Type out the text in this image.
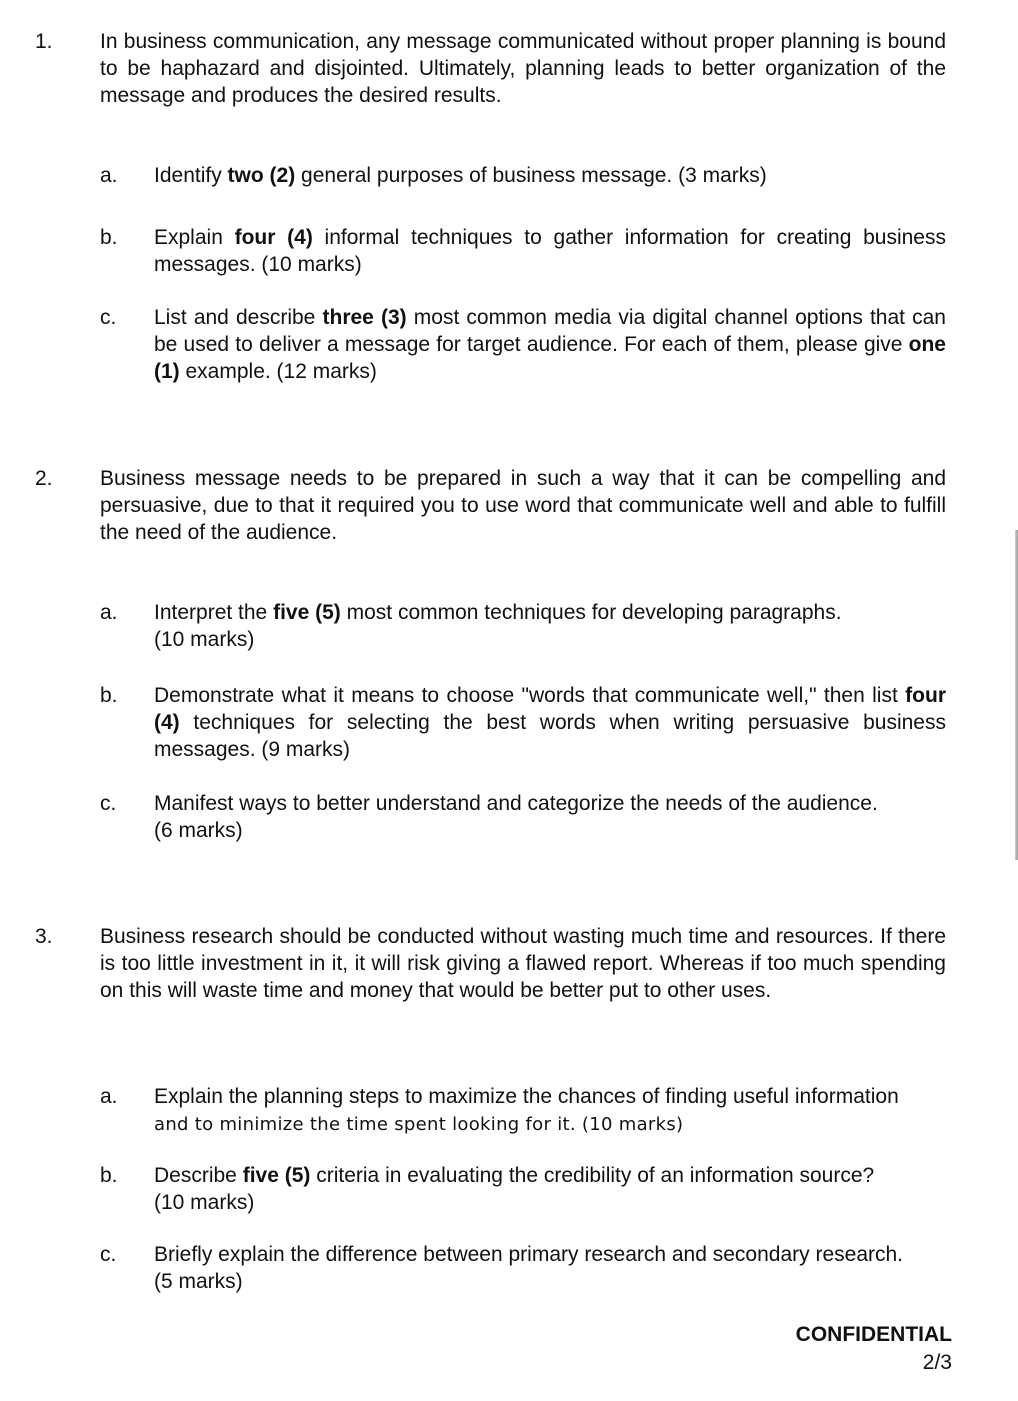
1. In business communication, any message communicated without proper planning is bound to be haphazard and disjointed. Ultimately, planning leads to better organization of the message and produces the desired results.
a. Identify two (2) general purposes of business message. (3 marks)
b. Explain four (4) informal techniques to gather information for creating business messages. (10 marks)
c. List and describe three (3) most common media via digital channel options that can be used to deliver a message for target audience. For each of them, please give one (1) example. (12 marks)
2. Business message needs to be prepared in such a way that it can be compelling and persuasive, due to that it required you to use word that communicate well and able to fulfill the need of the audience.
a. Interpret the five (5) most common techniques for developing paragraphs.
(10 marks)
b. Demonstrate what it means to choose "words that communicate well," then list four (4) techniques for selecting the best words when writing persuasive business messages. (9 marks)
c. Manifest ways to better understand and categorize the needs of the audience.
(6 marks)
3. Business research should be conducted without wasting much time and resources. If there is too little investment in it, it will risk giving a flawed report. Whereas if too much spending on this will waste time and money that would be better put to other uses.
a. Explain the planning steps to maximize the chances of finding useful information
and to minimize the time spent looking for it. (10 marks)
b. Describe five (5) criteria in evaluating the credibility of an information source?
(10 marks)
c. Briefly explain the difference between primary research and secondary research.
(5 marks)
CONFIDENTIAL
2/3
